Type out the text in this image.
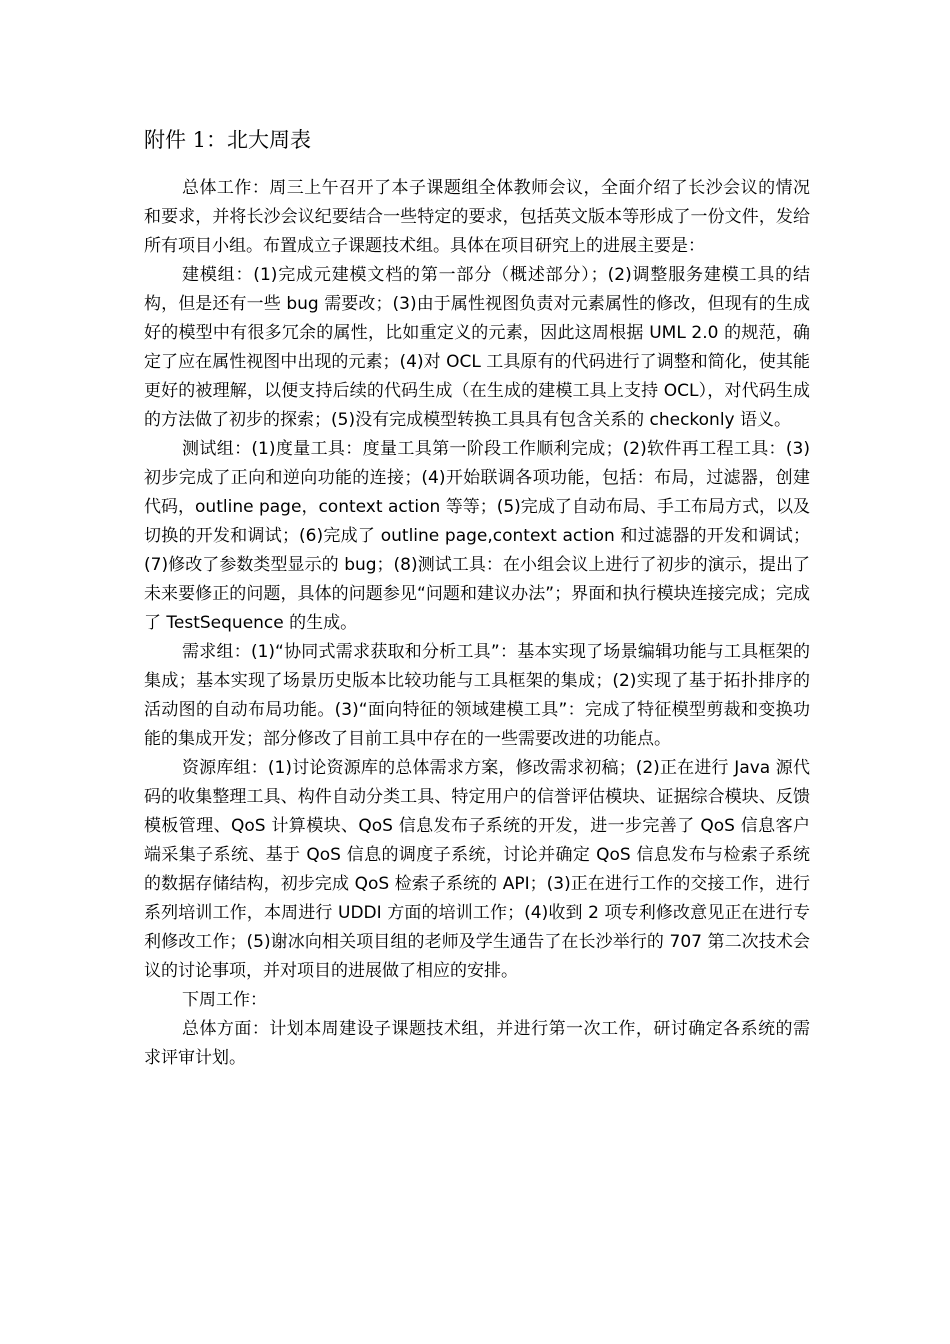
附件 1：北大周表

总体工作：周三上午召开了本子课题组全体教师会议，全面介绍了长沙会议的情况和要求，并将长沙会议纪要结合一些特定的要求，包括英文版本等形成了一份文件，发给所有项目小组。布置成立子课题技术组。具体在项目研究上的进展主要是：

建模组：(1)完成元建模文档的第一部分（概述部分）；(2)调整服务建模工具的结构，但是还有一些 bug 需要改；(3)由于属性视图负责对元素属性的修改，但现有的生成好的模型中有很多冗余的属性，比如重定义的元素，因此这周根据 UML 2.0 的规范，确定了应在属性视图中出现的元素；(4)对 OCL 工具原有的代码进行了调整和简化，使其能更好的被理解，以便支持后续的代码生成（在生成的建模工具上支持 OCL），对代码生成的方法做了初步的探索；(5)没有完成模型转换工具具有包含关系的 checkonly 语义。

测试组：(1)度量工具：度量工具第一阶段工作顺利完成；(2)软件再工程工具：(3)初步完成了正向和逆向功能的连接；(4)开始联调各项功能，包括：布局，过滤器，创建代码，outline page，context action 等等；(5)完成了自动布局、手工布局方式，以及切换的开发和调试；(6)完成了 outline page,context action 和过滤器的开发和调试；(7)修改了参数类型显示的 bug；(8)测试工具：在小组会议上进行了初步的演示，提出了未来要修正的问题，具体的问题参见“问题和建议办法”；界面和执行模块连接完成；完成了 TestSequence 的生成。

需求组：(1)“协同式需求获取和分析工具”：基本实现了场景编辑功能与工具框架的集成；基本实现了场景历史版本比较功能与工具框架的集成；(2)实现了基于拓扑排序的活动图的自动布局功能。(3)“面向特征的领域建模工具”：完成了特征模型剪裁和变换功能的集成开发；部分修改了目前工具中存在的一些需要改进的功能点。

资源库组：(1)讨论资源库的总体需求方案，修改需求初稿；(2)正在进行 Java 源代码的收集整理工具、构件自动分类工具、特定用户的信誉评估模块、证据综合模块、反馈模板管理、QoS 计算模块、QoS 信息发布子系统的开发，进一步完善了 QoS 信息客户端采集子系统、基于 QoS 信息的调度子系统，讨论并确定 QoS 信息发布与检索子系统的数据存储结构，初步完成 QoS 检索子系统的 API；(3)正在进行工作的交接工作，进行系列培训工作，本周进行 UDDI 方面的培训工作；(4)收到 2 项专利修改意见正在进行专利修改工作；(5)谢冰向相关项目组的老师及学生通告了在长沙举行的 707 第二次技术会议的讨论事项，并对项目的进展做了相应的安排。

下周工作：

总体方面：计划本周建设子课题技术组，并进行第一次工作，研讨确定各系统的需求评审计划。
